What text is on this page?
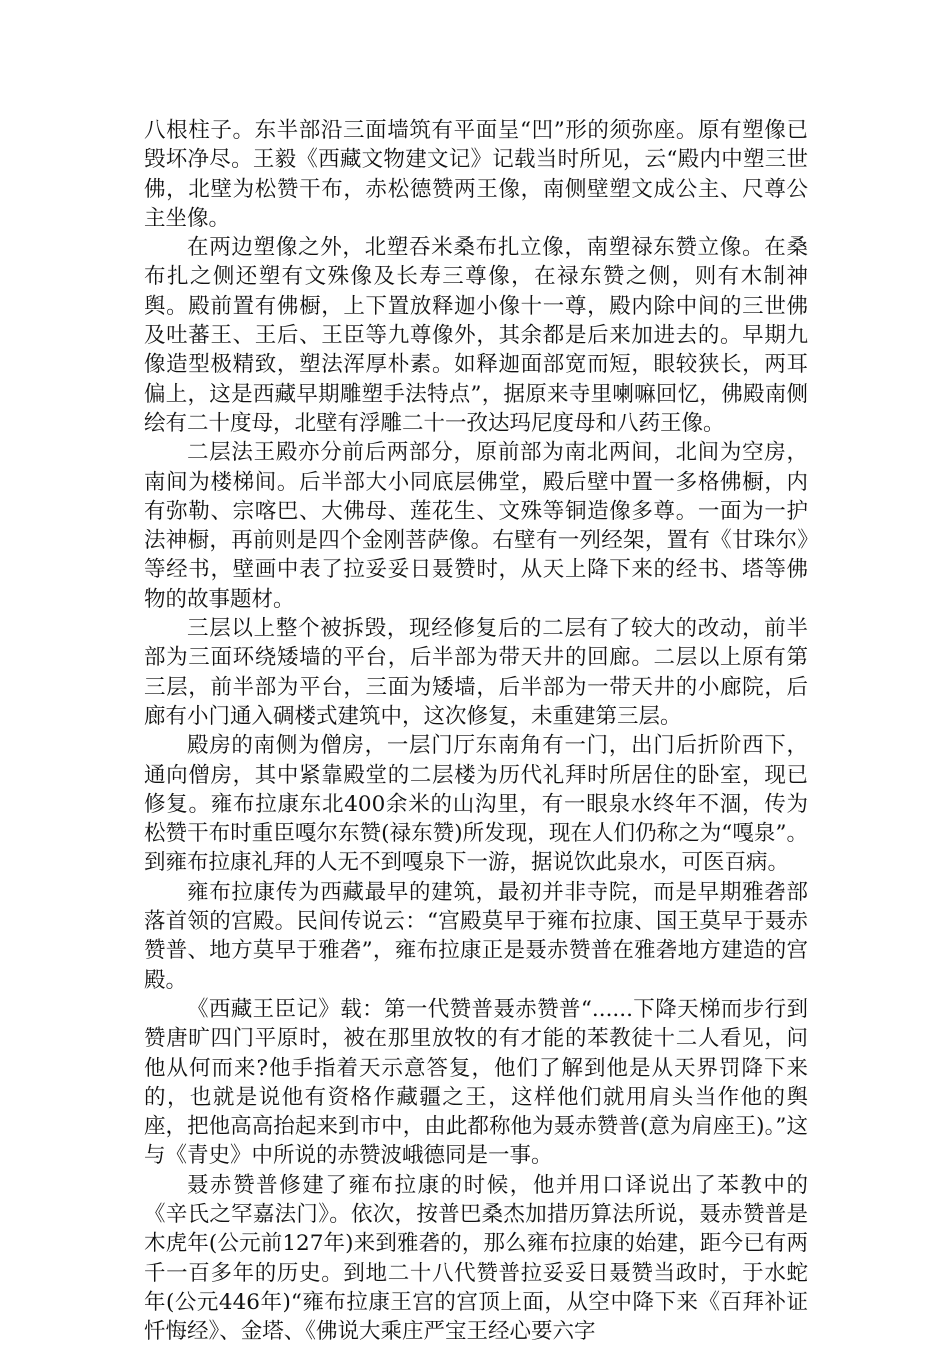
八根柱子。东半部沿三面墙筑有平面呈“凹”形的须弥座。原有塑像已毁坏净尽。王毅《西藏文物建文记》记载当时所见，云“殿内中塑三世佛，北壁为松赞干布，赤松德赞两王像，南侧壁塑文成公主、尺尊公主坐像。

在两边塑像之外，北塑吞米桑布扎立像，南塑禄东赞立像。在桑布扎之侧还塑有文殊像及长寿三尊像，在禄东赞之侧，则有木制神舆。殿前置有佛橱，上下置放释迦小像十一尊，殿内除中间的三世佛及吐蕃王、王后、王臣等九尊像外，其余都是后来加进去的。早期九像造型极精致，塑法浑厚朴素。如释迦面部宽而短，眼较狭长，两耳偏上，这是西藏早期雕塑手法特点”，据原来寺里喇嘛回忆，佛殿南侧绘有二十度母，北壁有浮雕二十一孜达玛尼度母和八药王像。

二层法王殿亦分前后两部分，原前部为南北两间，北间为空房，南间为楼梯间。后半部大小同底层佛堂，殿后壁中置一多格佛橱，内有弥勒、宗喀巴、大佛母、莲花生、文殊等铜造像多尊。一面为一护法神橱，再前则是四个金刚菩萨像。右壁有一列经架，置有《甘珠尔》等经书，壁画中表了拉妥妥日聂赞时，从天上降下来的经书、塔等佛物的故事题材。

三层以上整个被拆毁，现经修复后的二层有了较大的改动，前半部为三面环绕矮墙的平台，后半部为带天井的回廊。二层以上原有第三层，前半部为平台，三面为矮墙，后半部为一带天井的小廊院，后廊有小门通入碉楼式建筑中，这次修复，未重建第三层。

殿房的南侧为僧房，一层门厅东南角有一门，出门后折阶西下，通向僧房，其中紧靠殿堂的二层楼为历代礼拜时所居住的卧室，现已修复。雍布拉康东北400余米的山沟里，有一眼泉水终年不涸，传为松赞干布时重臣嘎尔东赞(禄东赞)所发现，现在人们仍称之为“嘎泉”。到雍布拉康礼拜的人无不到嘎泉下一游，据说饮此泉水，可医百病。

雍布拉康传为西藏最早的建筑，最初并非寺院，而是早期雅砻部落首领的宫殿。民间传说云：“宫殿莫早于雍布拉康、国王莫早于聂赤赞普、地方莫早于雅砻”，雍布拉康正是聂赤赞普在雅砻地方建造的宫殿。

《西藏王臣记》载：第一代赞普聂赤赞普“......下降天梯而步行到赞唐旷四门平原时，被在那里放牧的有才能的苯教徒十二人看见，问他从何而来?他手指着天示意答复，他们了解到他是从天界罚降下来的，也就是说他有资格作藏疆之王，这样他们就用肩头当作他的舆座，把他高高抬起来到市中，由此都称他为聂赤赞普(意为肩座王)。”这与《青史》中所说的赤赞波峨德同是一事。

聂赤赞普修建了雍布拉康的时候，他并用口译说出了苯教中的《辛氏之罕嘉法门》。依次，按普巴桑杰加措历算法所说，聂赤赞普是木虎年(公元前127年)来到雅砻的，那么雍布拉康的始建，距今已有两千一百多年的历史。到地二十八代赞普拉妥妥日聂赞当政时，于水蛇年(公元446年)“雍布拉康王宫的宫顶上面，从空中降下来《百拜补证忏悔经》、金塔、《佛说大乘庄严宝王经心要六字
